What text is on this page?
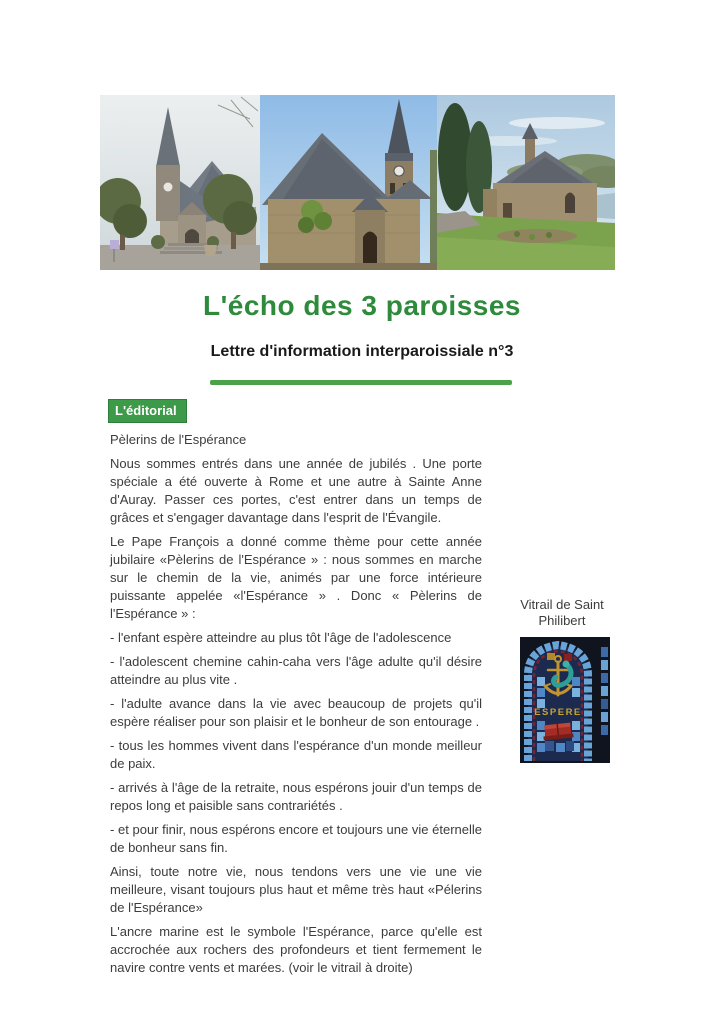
L'écho des 3 paroisses
Lettre d'information interparoissiale n°3
L'éditorial

Pèlerins de l'Espérance

Nous sommes entrés dans une année de jubilés . Une porte spéciale a été ouverte à Rome et une autre à Sainte Anne d'Auray. Passer ces portes, c'est entrer dans un temps de grâces et s'engager davantage dans l'esprit de l'Évangile.

Le Pape François a donné comme thème pour cette année jubilaire «Pèlerins de l'Espérance » : nous sommes en marche sur le chemin de la vie, animés par une force intérieure puissante appelée «l'Espérance » . Donc « Pèlerins de l'Espérance » :

- l'enfant espère atteindre au plus tôt l'âge de l'adolescence

- l'adolescent chemine cahin-caha vers l'âge adulte qu'il désire atteindre au plus vite .

- l'adulte avance dans la vie avec beaucoup de projets qu'il espère réaliser pour son plaisir et le bonheur de son entourage .

- tous les hommes vivent dans l'espérance d'un monde meilleur de paix.

- arrivés à l'âge de la retraite, nous espérons jouir d'un temps de repos long et paisible sans contrariétés .

- et pour finir, nous espérons encore et toujours une vie éternelle de bonheur sans fin.

Ainsi, toute notre vie, nous tendons vers une vie une vie meilleure, visant toujours plus haut et même très haut «Pélerins de l'Espérance»

L'ancre marine est le symbole l'Espérance, parce qu'elle est accrochée aux rochers des profondeurs et tient fermement le navire contre vents et marées. (voir le vitrail à droite)

Vitrail de Saint Philibert
ESPERE
